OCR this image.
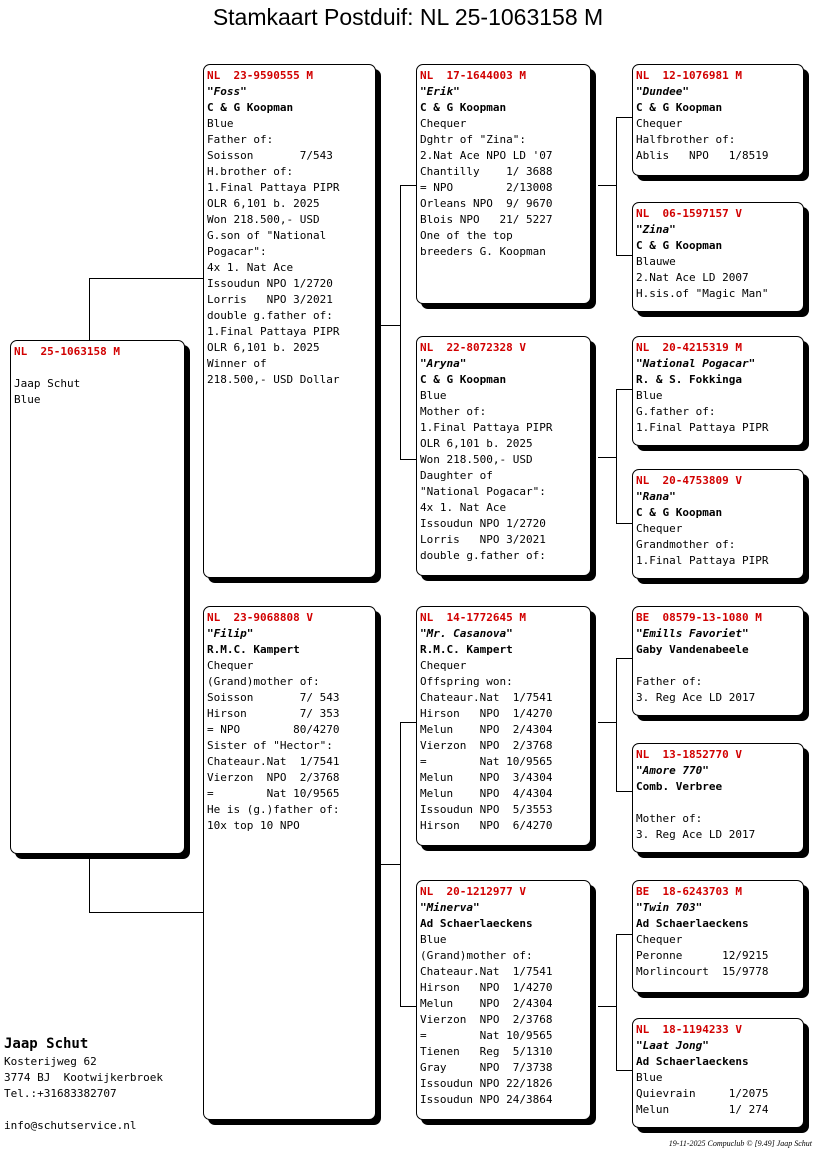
Stamkaart Postduif: NL 25-1063158 M
NL  25-1063158 M
Jaap Schut
Blue
NL  23-9590555 M
"Foss"
C & G Koopman
Blue
Father of:
Soisson       7/543
H.brother of:
1.Final Pattaya PIPR
OLR 6,101 b. 2025
Won 218.500,- USD
G.son of "National
Pogacar":
4x 1. Nat Ace
Issoudun NPO 1/2720
Lorris   NPO 3/2021
double g.father of:
1.Final Pattaya PIPR
OLR 6,101 b. 2025
Winner of
218.500,- USD Dollar
NL  23-9068808 V
"Filip"
R.M.C. Kampert
Chequer
(Grand)mother of:
Soisson       7/ 543
Hirson        7/ 353
= NPO        80/4270
Sister of "Hector":
Chateaur.Nat  1/7541
Vierzon  NPO  2/3768
=        Nat 10/9565
He is (g.)father of:
10x top 10 NPO
NL  17-1644003 M
"Erik"
C & G Koopman
Chequer
Dghtr of "Zina":
2.Nat Ace NPO LD '07
Chantilly    1/ 3688
= NPO        2/13008
Orleans NPO  9/ 9670
Blois NPO   21/ 5227
One of the top
breeders G. Koopman
NL  22-8072328 V
"Aryna"
C & G Koopman
Blue
Mother of:
1.Final Pattaya PIPR
OLR 6,101 b. 2025
Won 218.500,- USD
Daughter of
"National Pogacar":
4x 1. Nat Ace
Issoudun NPO 1/2720
Lorris   NPO 3/2021
double g.father of:
NL  14-1772645 M
"Mr. Casanova"
R.M.C. Kampert
Chequer
Offspring won:
Chateaur.Nat  1/7541
Hirson   NPO  1/4270
Melun    NPO  2/4304
Vierzon  NPO  2/3768
=        Nat 10/9565
Melun    NPO  3/4304
Melun    NPO  4/4304
Issoudun NPO  5/3553
Hirson   NPO  6/4270
NL  20-1212977 V
"Minerva"
Ad Schaerlaeckens
Blue
(Grand)mother of:
Chateaur.Nat  1/7541
Hirson   NPO  1/4270
Melun    NPO  2/4304
Vierzon  NPO  2/3768
=        Nat 10/9565
Tienen   Reg  5/1310
Gray     NPO  7/3738
Issoudun NPO 22/1826
Issoudun NPO 24/3864
NL  12-1076981 M
"Dundee"
C & G Koopman
Chequer
Halfbrother of:
Ablis   NPO   1/8519
NL  06-1597157 V
"Zina"
C & G Koopman
Blauwe
2.Nat Ace LD 2007
H.sis.of "Magic Man"
NL  20-4215319 M
"National Pogacar"
R. & S. Fokkinga
Blue
G.father of:
1.Final Pattaya PIPR
NL  20-4753809 V
"Rana"
C & G Koopman
Chequer
Grandmother of:
1.Final Pattaya PIPR
BE  08579-13-1080 M
"Emills Favoriet"
Gaby Vandenabeele
Father of:
3. Reg Ace LD 2017
NL  13-1852770 V
"Amore 770"
Comb. Verbree
Mother of:
3. Reg Ace LD 2017
BE  18-6243703 M
"Twin 703"
Ad Schaerlaeckens
Chequer
Peronne      12/9215
Morlincourt  15/9778
NL  18-1194233 V
"Laat Jong"
Ad Schaerlaeckens
Blue
Quievrain     1/2075
Melun         1/ 274
Jaap Schut
Kosterijweg 62
3774 BJ  Kootwijkerbroek
Tel.:+31683382707
info@schutservice.nl
19-11-2025 Compuclub © [9.49] Jaap Schut
